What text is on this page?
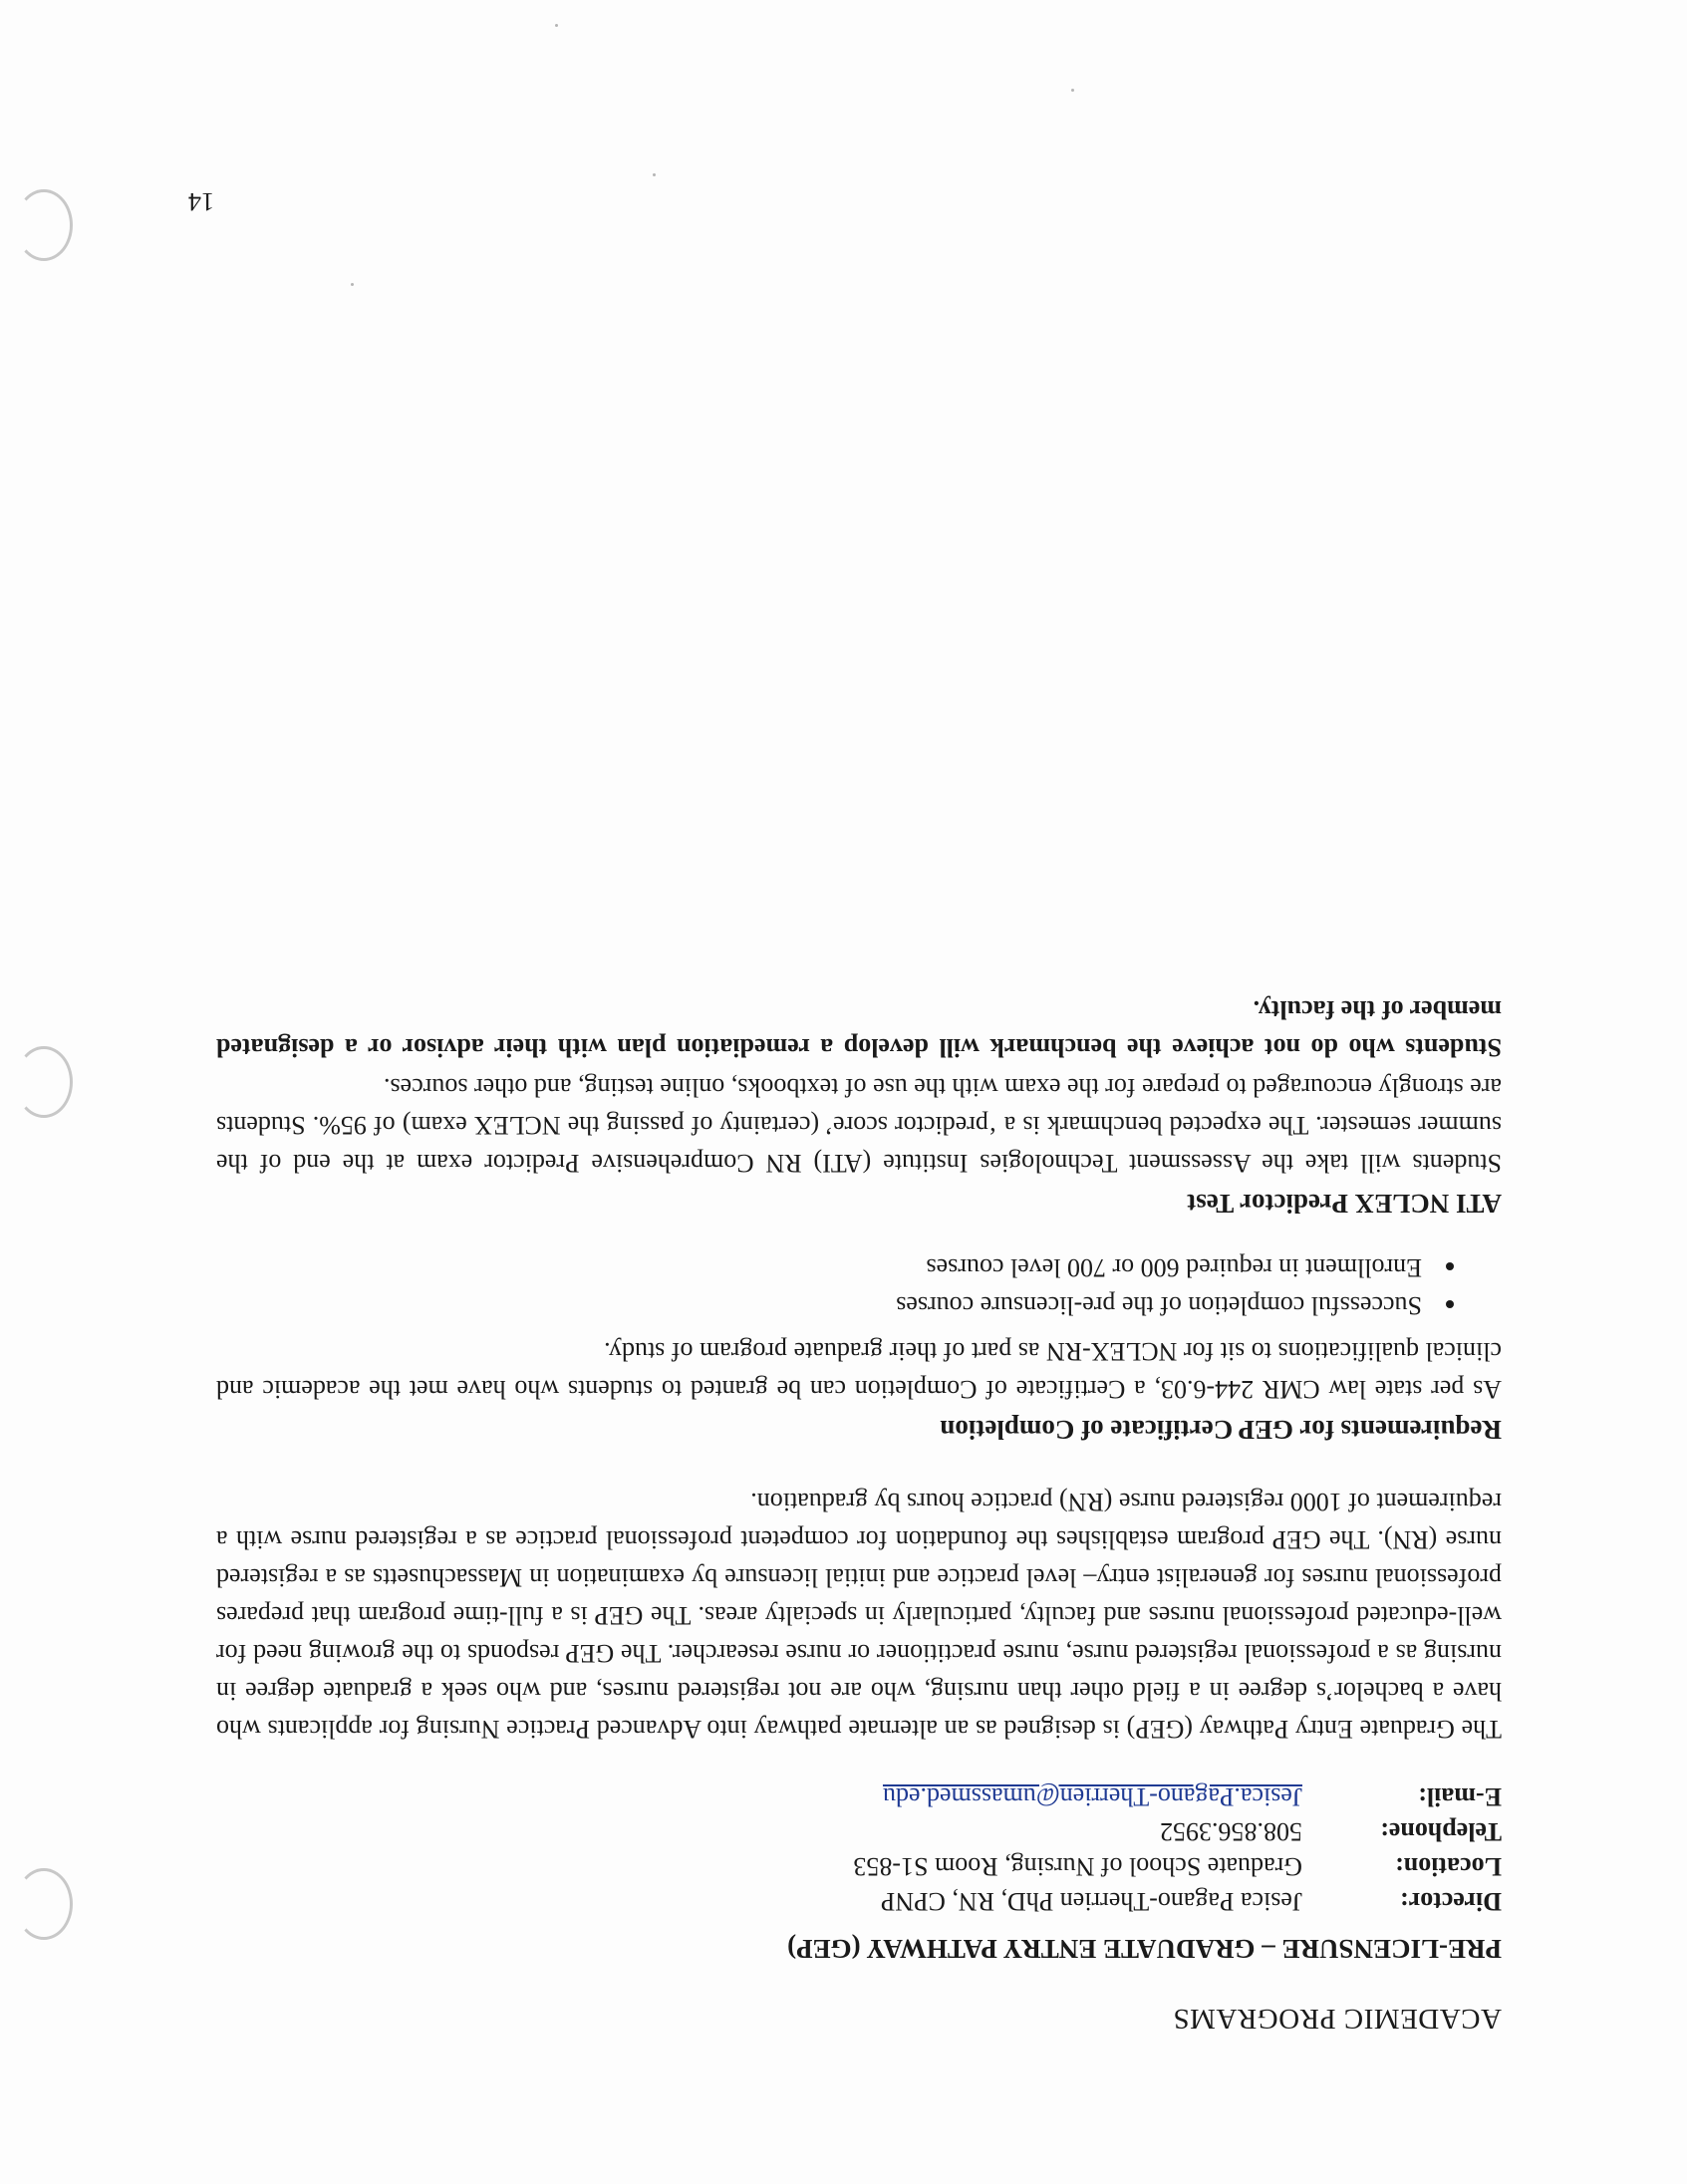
ACADEMIC PROGRAMS
PRE-LICENSURE – GRADUATE ENTRY PATHWAY (GEP)
Director:	Jesica Pagano-Therrien PhD, RN, CPNP
Location:	Graduate School of Nursing, Room S1-853
Telephone:	508.856.3952
E-mail:	Jesica.Pagano-Therrien@umassmed.edu

The Graduate Entry Pathway (GEP) is designed as an alternate pathway into Advanced Practice Nursing for applicants who have a bachelor’s degree in a field other than nursing, who are not registered nurses, and who seek a graduate degree in nursing as a professional registered nurse, nurse practitioner or nurse researcher. The GEP responds to the growing need for well-educated professional nurses and faculty, particularly in specialty areas. The GEP is a full-time program that prepares professional nurses for generalist entry– level practice and initial licensure by examination in Massachusetts as a registered nurse (RN). The GEP program establishes the foundation for competent professional practice as a registered nurse with a requirement of 1000 registered nurse (RN) practice hours by graduation.

Requirements for GEP Certificate of Completion

As per state law CMR 244-6.03, a Certificate of Completion can be granted to students who have met the academic and clinical qualifications to sit for NCLEX-RN as part of their graduate program of study.

• Successful completion of the pre-licensure courses
• Enrollment in required 600 or 700 level courses
ATI NCLEX Predictor Test

Students will take the Assessment Technologies Institute (ATI) RN Comprehensive Predictor exam at the end of the summer semester. The expected benchmark is a ‘predictor score’ (certainty of passing the NCLEX exam) of 95%. Students are strongly encouraged to prepare for the exam with the use of textbooks, online testing, and other sources.

Students who do not achieve the benchmark will develop a remediation plan with their advisor or a designated member of the faculty.

14
